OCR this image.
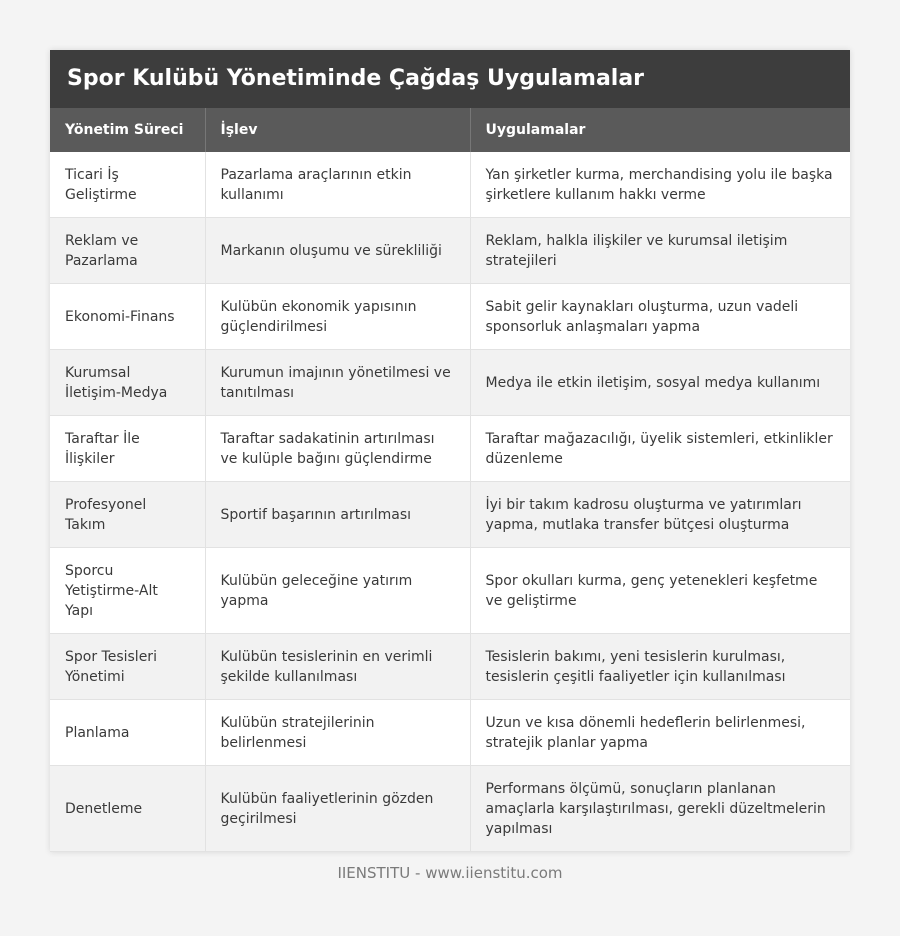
Spor Kulübü Yönetiminde Çağdaş Uygulamalar
Yönetim Süreci	İşlev	Uygulamalar
Ticari İş Geliştirme	Pazarlama araçlarının etkin kullanımı	Yan şirketler kurma, merchandising yolu ile başka şirketlere kullanım hakkı verme
Reklam ve Pazarlama	Markanın oluşumu ve sürekliliği	Reklam, halkla ilişkiler ve kurumsal iletişim stratejileri
Ekonomi-Finans	Kulübün ekonomik yapısının güçlendirilmesi	Sabit gelir kaynakları oluşturma, uzun vadeli sponsorluk anlaşmaları yapma
Kurumsal İletişim-Medya	Kurumun imajının yönetilmesi ve tanıtılması	Medya ile etkin iletişim, sosyal medya kullanımı
Taraftar İle İlişkiler	Taraftar sadakatinin artırılması ve kulüple bağını güçlendirme	Taraftar mağazacılığı, üyelik sistemleri, etkinlikler düzenleme
Profesyonel Takım	Sportif başarının artırılması	İyi bir takım kadrosu oluşturma ve yatırımları yapma, mutlaka transfer bütçesi oluşturma
Sporcu Yetiştirme-Alt Yapı	Kulübün geleceğine yatırım yapma	Spor okulları kurma, genç yetenekleri keşfetme ve geliştirme
Spor Tesisleri Yönetimi	Kulübün tesislerinin en verimli şekilde kullanılması	Tesislerin bakımı, yeni tesislerin kurulması, tesislerin çeşitli faaliyetler için kullanılması
Planlama	Kulübün stratejilerinin belirlenmesi	Uzun ve kısa dönemli hedeflerin belirlenmesi, stratejik planlar yapma
Denetleme	Kulübün faaliyetlerinin gözden geçirilmesi	Performans ölçümü, sonuçların planlanan amaçlarla karşılaştırılması, gerekli düzeltmelerin yapılması
IIENSTITU - www.iienstitu.com
